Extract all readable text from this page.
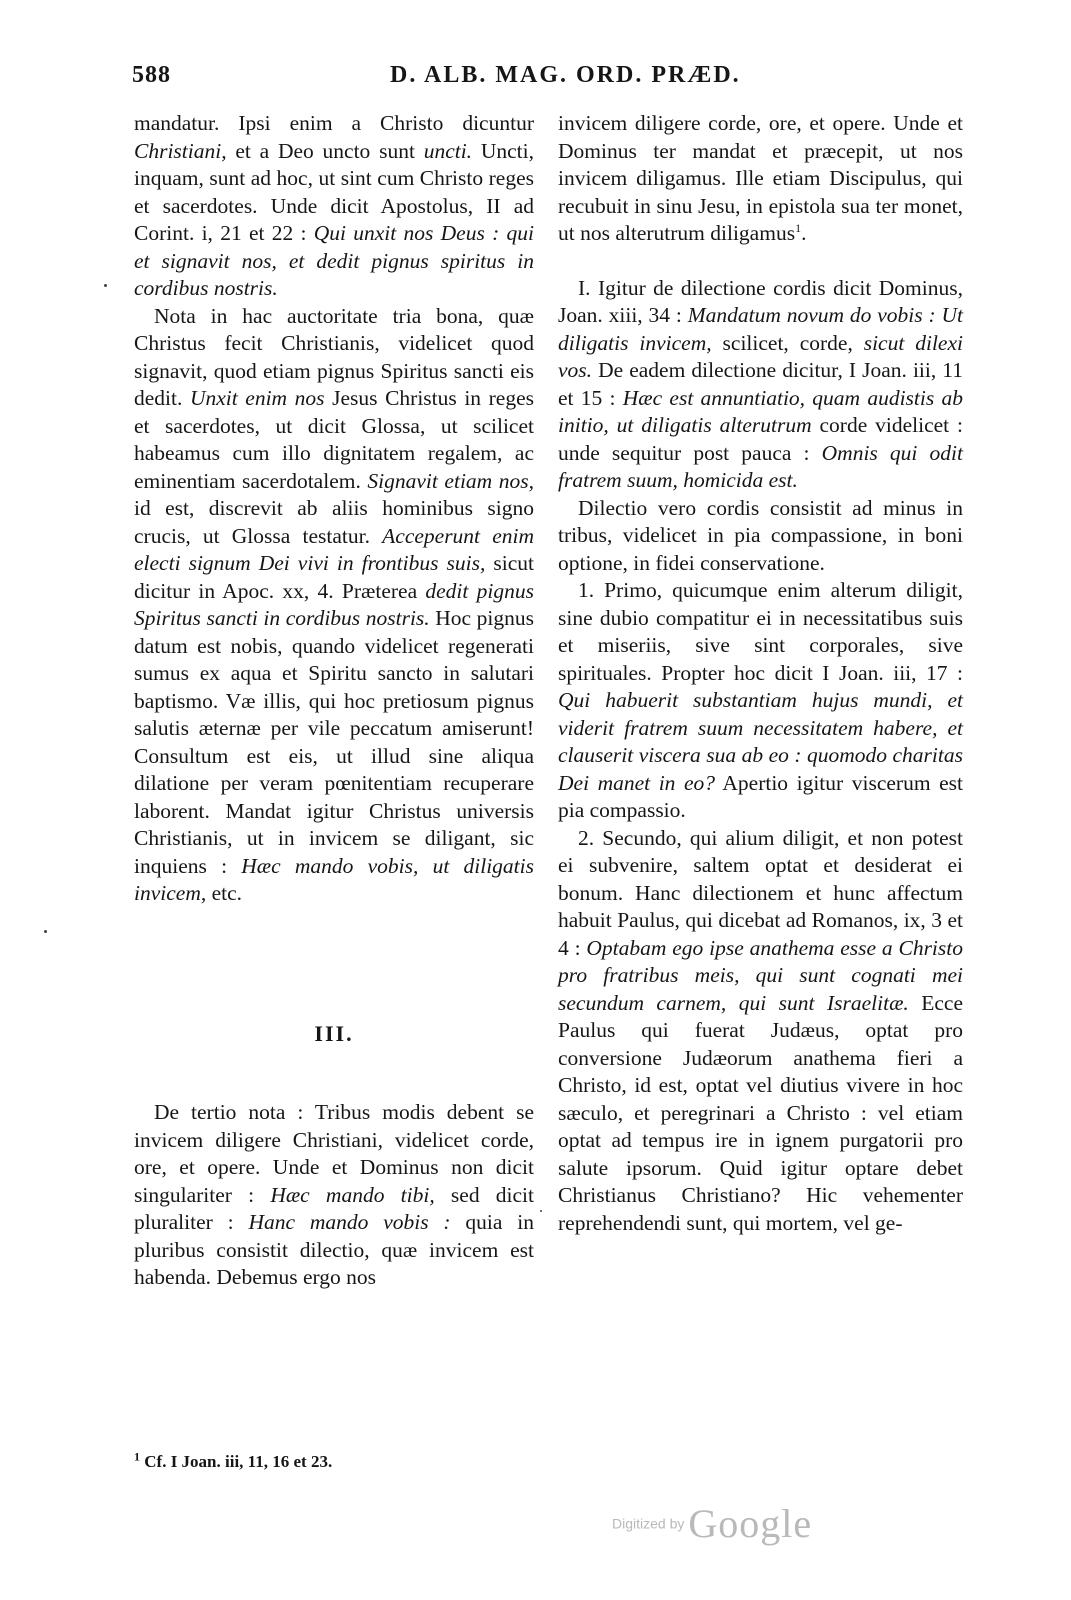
588	D. ALB. MAG. ORD. PRÆD.

mandatur. Ipsi enim a Christo dicuntur Christiani, et a Deo uncto sunt uncti. Uncti, inquam, sunt ad hoc, ut sint cum Christo reges et sacerdotes. Unde dicit Apostolus, II ad Corint. i, 21 et 22 : Qui unxit nos Deus : qui et signavit nos, et dedit pignus spiritus in cordibus nostris.

Nota in hac auctoritate tria bona, quæ Christus fecit Christianis, videlicet quod signavit, quod etiam pignus Spiritus sancti eis dedit. Unxit enim nos Jesus Christus in reges et sacerdotes, ut dicit Glossa, ut scilicet habeamus cum illo dignitatem regalem, ac eminentiam sacerdotalem. Signavit etiam nos, id est, discrevit ab aliis hominibus signo crucis, ut Glossa testatur. Acceperunt enim electi signum Dei vivi in frontibus suis, sicut dicitur in Apoc. xx, 4. Præterea dedit pignus Spiritus sancti in cordibus nostris. Hoc pignus datum est nobis, quando videlicet regenerati sumus ex aqua et Spiritu sancto in salutari baptismo. Væ illis, qui hoc pretiosum pignus salutis æternæ per vile peccatum amiserunt! Consultum est eis, ut illud sine aliqua dilatione per veram pœnitentiam recuperare laborent. Mandat igitur Christus universis Christianis, ut in invicem se diligant, sic inquiens : Hæc mando vobis, ut diligatis invicem, etc.

III.

De tertio nota : Tribus modis debent se invicem diligere Christiani, videlicet corde, ore, et opere. Unde et Dominus non dicit singulariter : Hæc mando tibi, sed dicit pluraliter : Hanc mando vobis : quia in pluribus consistit dilectio, quæ invicem est habenda. Debemus ergo nos

invicem diligere corde, ore, et opere. Unde et Dominus ter mandat et præcepit, ut nos invicem diligamus. Ille etiam Discipulus, qui recubuit in sinu Jesu, in epistola sua ter monet, ut nos alterutrum diligamus$^1$.

I. Igitur de dilectione cordis dicit Dominus, Joan. xiii, 34 : Mandatum novum do vobis : Ut diligatis invicem, scilicet, corde, sicut dilexi vos. De eadem dilectione dicitur, I Joan. iii, 11 et 15 : Hæc est annuntiatio, quam audistis ab initio, ut diligatis alterutrum corde videlicet : unde sequitur post pauca : Omnis qui odit fratrem suum, homicida est.

Dilectio vero cordis consistit ad minus in tribus, videlicet in pia compassione, in boni optione, in fidei conservatione.

1. Primo, quicumque enim alterum diligit, sine dubio compatitur ei in necessitatibus suis et miseriis, sive sint corporales, sive spirituales. Propter hoc dicit I Joan. iii, 17 : Qui habuerit substantiam hujus mundi, et viderit fratrem suum necessitatem habere, et clauserit viscera sua ab eo : quomodo charitas Dei manet in eo? Apertio igitur viscerum est pia compassio.

2. Secundo, qui alium diligit, et non potest ei subvenire, saltem optat et desiderat ei bonum. Hanc dilectionem et hunc affectum habuit Paulus, qui dicebat ad Romanos, ix, 3 et 4 : Optabam ego ipse anathema esse a Christo pro fratribus meis, qui sunt cognati mei secundum carnem, qui sunt Israelitæ. Ecce Paulus qui fuerat Judæus, optat pro conversione Judæorum anathema fieri a Christo, id est, optat vel diutius vivere in hoc sæculo, et peregrinari a Christo : vel etiam optat ad tempus ire in ignem purgatorii pro salute ipsorum. Quid igitur optare debet Christianus Christiano? Hic vehementer reprehendendi sunt, qui mortem, vel ge-

$^1$ Cf. I Joan. iii, 11, 16 et 23.
Digitized by Google
